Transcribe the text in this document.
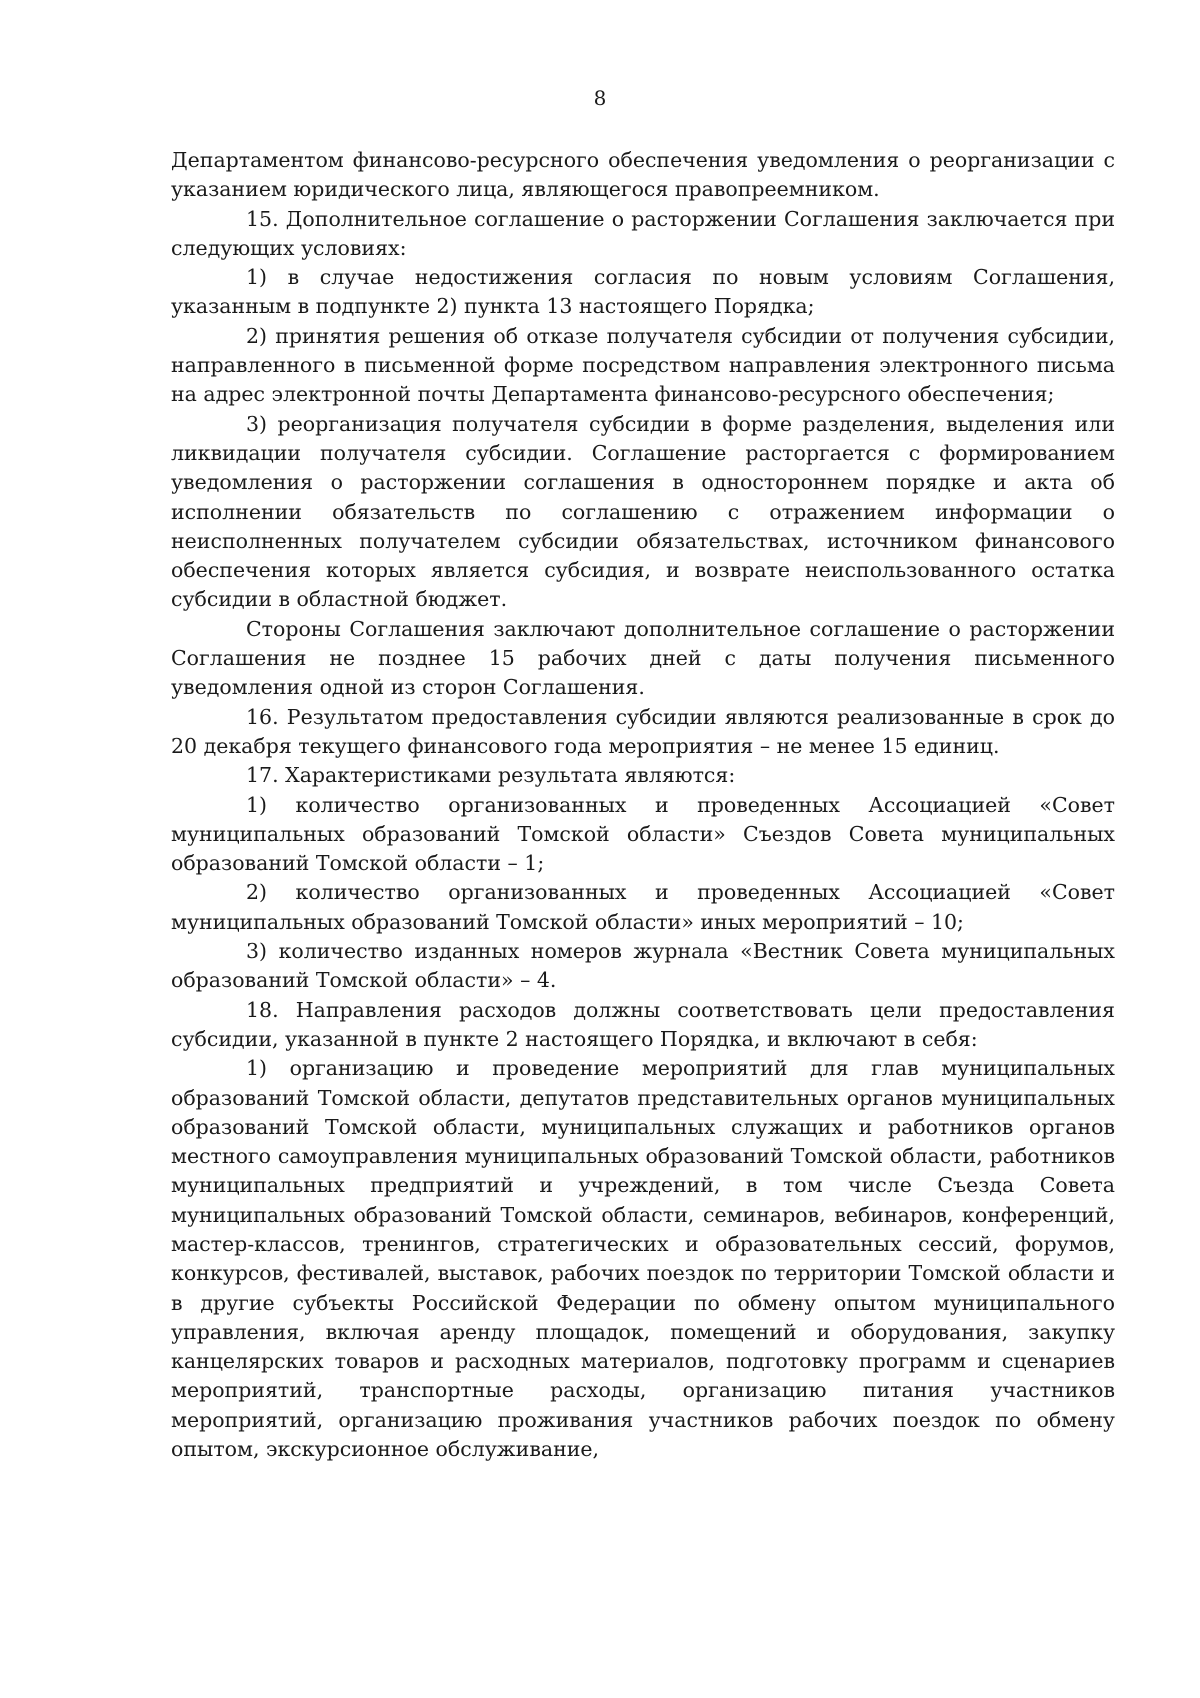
8

Департаментом финансово-ресурсного обеспечения уведомления о реорганизации с указанием юридического лица, являющегося правопреемником.

15. Дополнительное соглашение о расторжении Соглашения заключается при следующих условиях:

1) в случае недостижения согласия по новым условиям Соглашения, указанным в подпункте 2) пункта 13 настоящего Порядка;

2) принятия решения об отказе получателя субсидии от получения субсидии, направленного в письменной форме посредством направления электронного письма на адрес электронной почты Департамента финансово-ресурсного обеспечения;

3) реорганизация получателя субсидии в форме разделения, выделения или ликвидации получателя субсидии. Соглашение расторгается с формированием уведомления о расторжении соглашения в одностороннем порядке и акта об исполнении обязательств по соглашению с отражением информации о неисполненных получателем субсидии обязательствах, источником финансового обеспечения которых является субсидия, и возврате неиспользованного остатка субсидии в областной бюджет.

Стороны Соглашения заключают дополнительное соглашение о расторжении Соглашения не позднее 15 рабочих дней с даты получения письменного уведомления одной из сторон Соглашения.

16. Результатом предоставления субсидии являются реализованные в срок до 20 декабря текущего финансового года мероприятия – не менее 15 единиц.

17. Характеристиками результата являются:

1) количество организованных и проведенных Ассоциацией «Совет муниципальных образований Томской области» Съездов Совета муниципальных образований Томской области – 1;

2) количество организованных и проведенных Ассоциацией «Совет муниципальных образований Томской области» иных мероприятий – 10;

3) количество изданных номеров журнала «Вестник Совета муниципальных образований Томской области» – 4.

18. Направления расходов должны соответствовать цели предоставления субсидии, указанной в пункте 2 настоящего Порядка, и включают в себя:

1) организацию и проведение мероприятий для глав муниципальных образований Томской области, депутатов представительных органов муниципальных образований Томской области, муниципальных служащих и работников органов местного самоуправления муниципальных образований Томской области, работников муниципальных предприятий и учреждений, в том числе Съезда Совета муниципальных образований Томской области, семинаров, вебинаров, конференций, мастер-классов, тренингов, стратегических и образовательных сессий, форумов, конкурсов, фестивалей, выставок, рабочих поездок по территории Томской области и в другие субъекты Российской Федерации по обмену опытом муниципального управления, включая аренду площадок, помещений и оборудования, закупку канцелярских товаров и расходных материалов, подготовку программ и сценариев мероприятий, транспортные расходы, организацию питания участников мероприятий, организацию проживания участников рабочих поездок по обмену опытом, экскурсионное обслуживание,
